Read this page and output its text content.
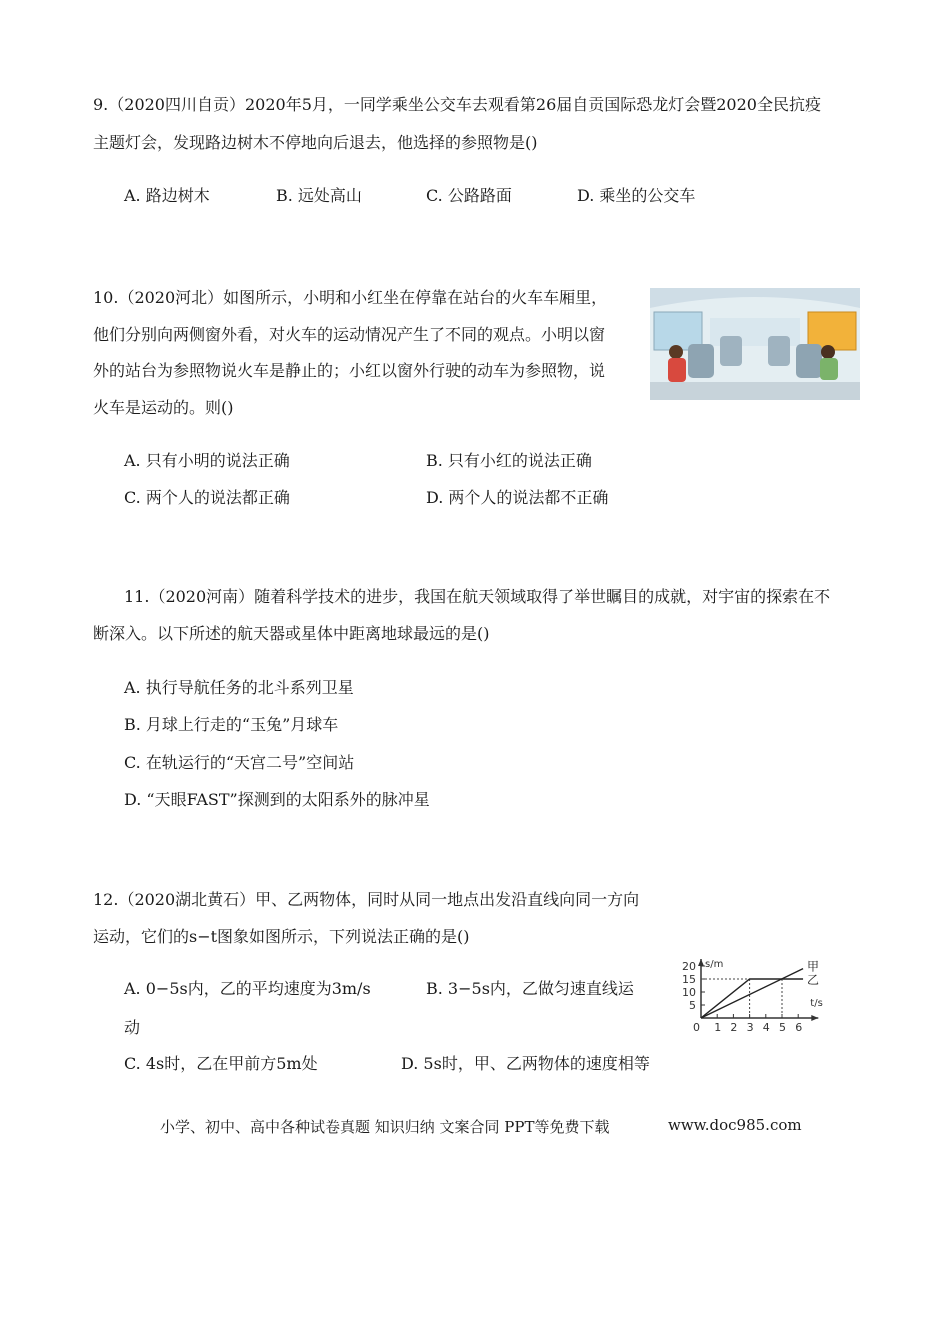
9.（2020四川自贡）2020年5月，一同学乘坐公交车去观看第26届自贡国际恐龙灯会暨2020全民抗疫
主题灯会，发现路边树木不停地向后退去，他选择的参照物是()
A. 路边树木	B. 远处高山	C. 公路路面	D. 乘坐的公交车
10.（2020河北）如图所示，小明和小红坐在停靠在站台的火车车厢里，
他们分别向两侧窗外看，对火车的运动情况产生了不同的观点。小明以窗
外的站台为参照物说火车是静止的；小红以窗外行驶的动车为参照物，说
火车是运动的。则()
A. 只有小明的说法正确	B. 只有小红的说法正确
C. 两个人的说法都正确	D. 两个人的说法都不正确
11.（2020河南）随着科学技术的进步，我国在航天领域取得了举世瞩目的成就，对宇宙的探索在不
断深入。以下所述的航天器或星体中距离地球最远的是()
A. 执行导航任务的北斗系列卫星
B. 月球上行走的“玉兔”月球车
C. 在轨运行的“天宫二号”空间站
D. “天眼FAST”探测到的太阳系外的脉冲星
12.（2020湖北黄石）甲、乙两物体，同时从同一地点出发沿直线向同一方向
运动，它们的s−t图象如图所示，下列说法正确的是()
A. 0−5s内，乙的平均速度为3m/s	B. 3−5s内，乙做匀速直线运
动
C. 4s时，乙在甲前方5m处	D. 5s时，甲、乙两物体的速度相等
t/s
s/m
0 1 2 3 4 5 6
5
10
15
20	甲
乙
小学、初中、高中各种试卷真题 知识归纳 文案合同 PPT等免费下载	www.doc985.com
